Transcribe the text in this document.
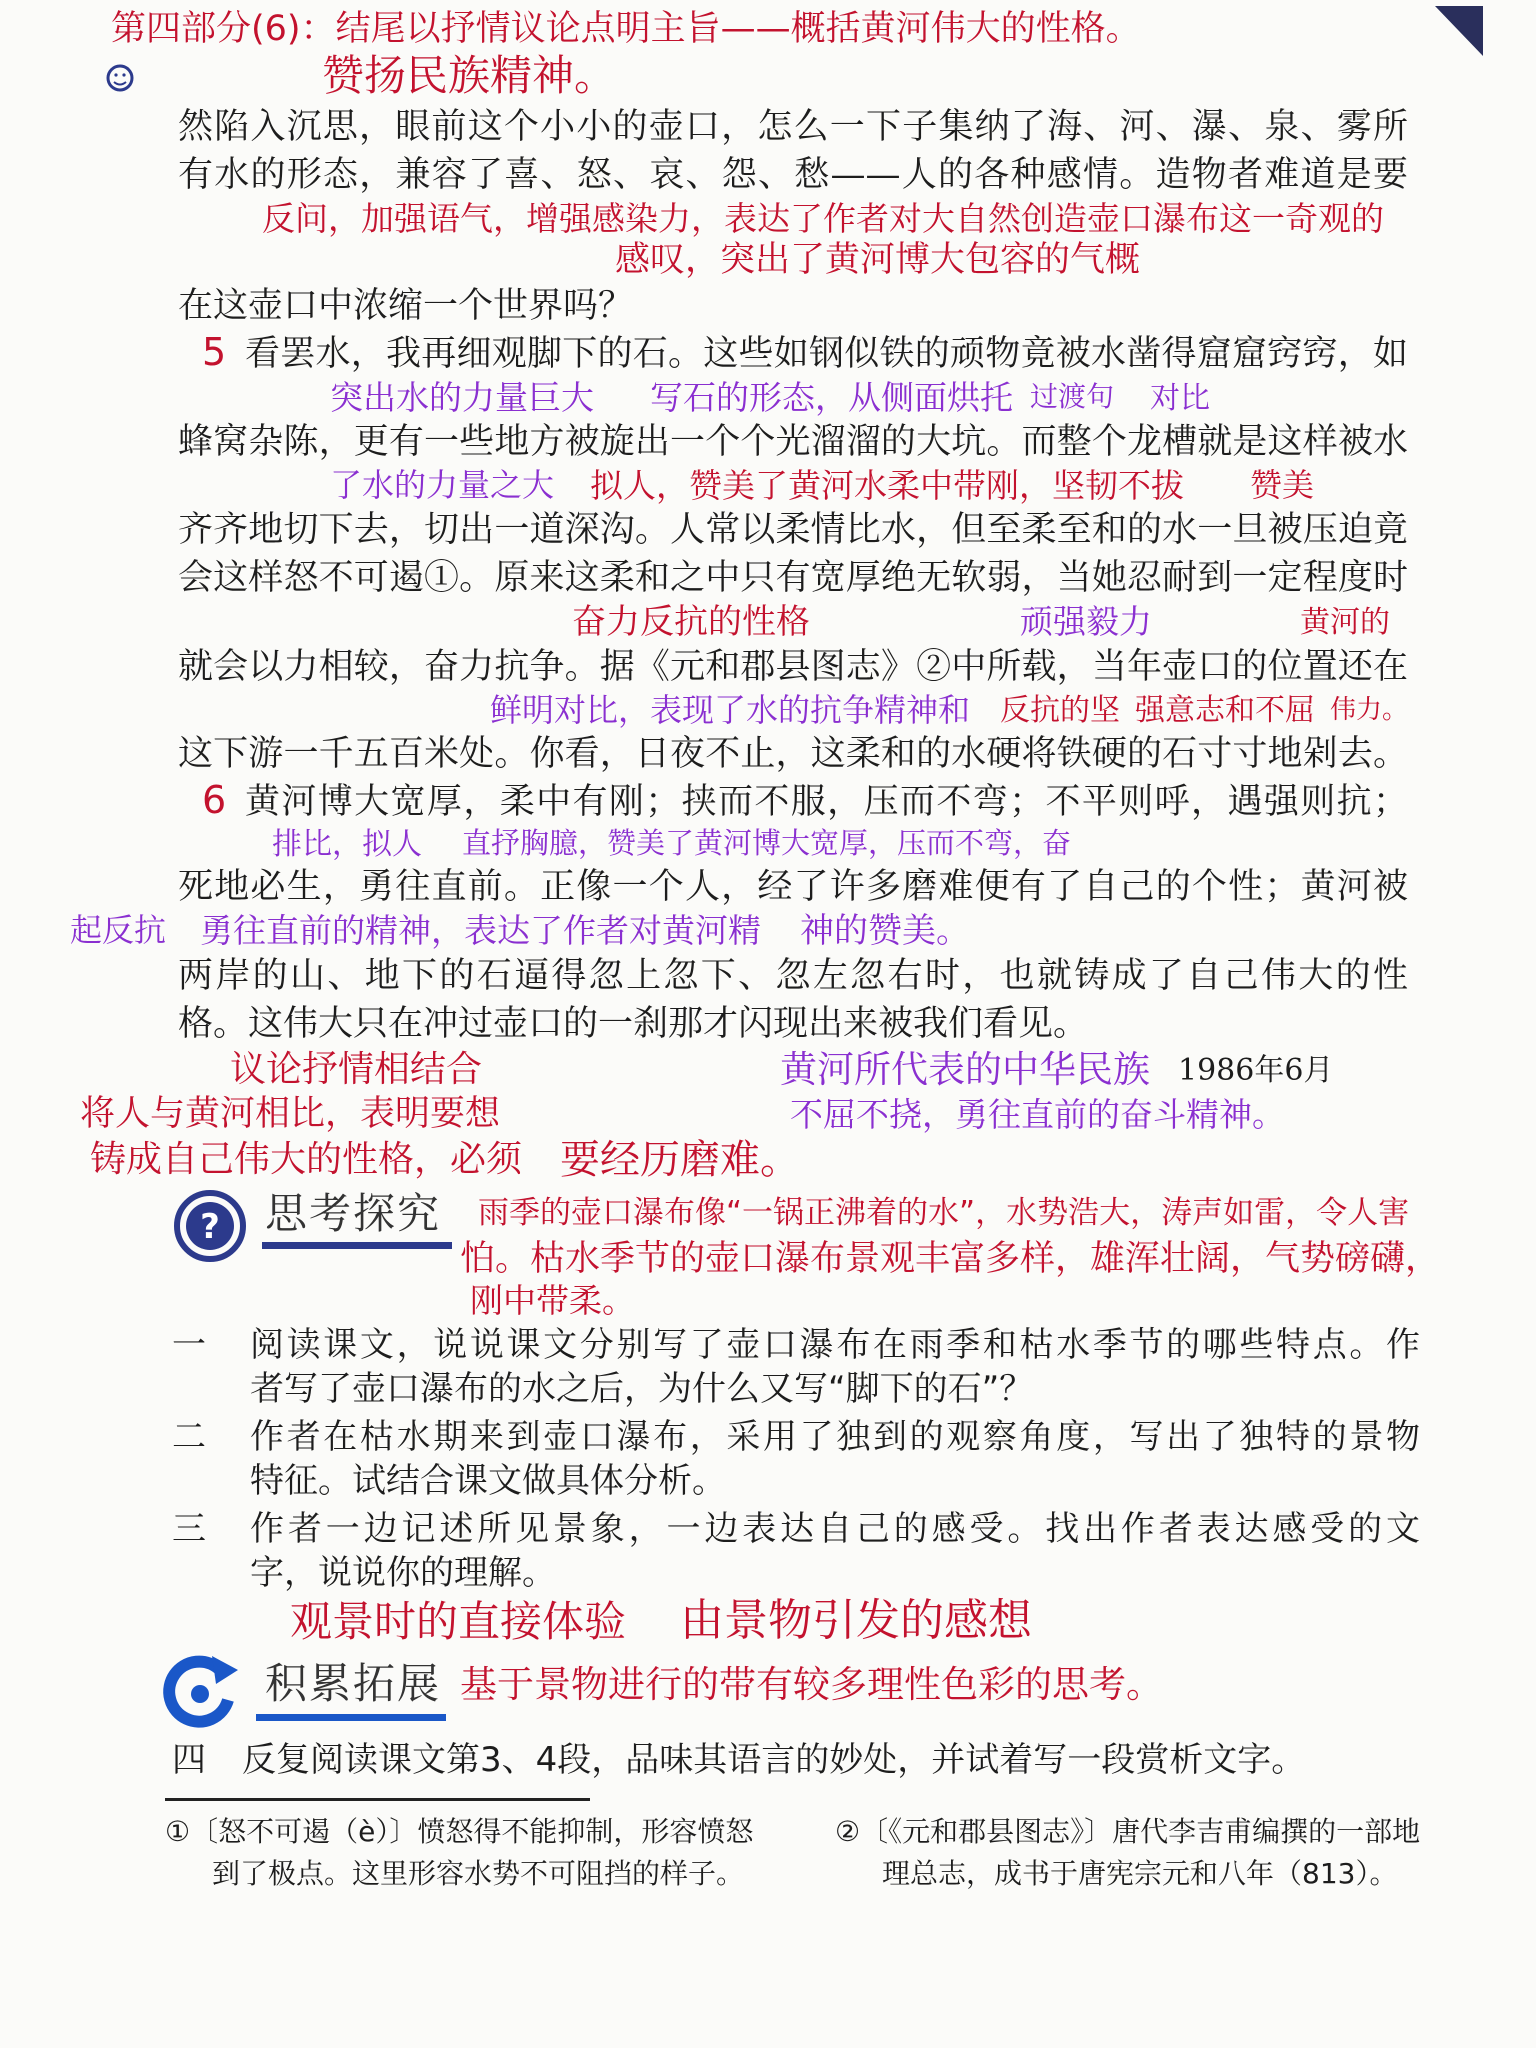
第四部分(6)：结尾以抒情议论点明主旨——概括黄河伟大的性格。
赞扬民族精神。
然陷入沉思，眼前这个小小的壶口，怎么一下子集纳了海、河、瀑、泉、雾所
有水的形态，兼容了喜、怒、哀、怨、愁——人的各种感情。造物者难道是要
反问，加强语气，增强感染力，表达了作者对大自然创造壶口瀑布这一奇观的
感叹，突出了黄河博大包容的气概
在这壶口中浓缩一个世界吗？
5 看罢水，我再细观脚下的石。这些如钢似铁的顽物竟被水凿得窟窟窍窍，如
突出水的力量巨大 写石的形态，从侧面烘托 过渡句 对比
蜂窝杂陈，更有一些地方被旋出一个个光溜溜的大坑。而整个龙槽就是这样被水
了水的力量之大 拟人，赞美了黄河水柔中带刚，坚韧不拔 赞美
齐齐地切下去，切出一道深沟。人常以柔情比水，但至柔至和的水一旦被压迫竟
会这样怒不可遏①。原来这柔和之中只有宽厚绝无软弱，当她忍耐到一定程度时
奋力反抗的性格	顽强毅力	黄河的
就会以力相较，奋力抗争。据《元和郡县图志》②中所载，当年壶口的位置还在
鲜明对比，表现了水的抗争精神和 反抗的坚 强意志和不屈 伟力。
这下游一千五百米处。你看，日夜不止，这柔和的水硬将铁硬的石寸寸地剁去。
6 黄河博大宽厚，柔中有刚；挟而不服，压而不弯；不平则呼，遇强则抗；
排比，拟人 直抒胸臆，赞美了黄河博大宽厚，压而不弯，奋
死地必生，勇往直前。正像一个人，经了许多磨难便有了自己的个性；黄河被
起反抗 勇往直前的精神，表达了作者对黄河精 神的赞美。
两岸的山、地下的石逼得忽上忽下、忽左忽右时，也就铸成了自己伟大的性
格。这伟大只在冲过壶口的一刹那才闪现出来被我们看见。
议论抒情相结合	黄河所代表的中华民族 1986年6月
将人与黄河相比，表明要想	不屈不挠，勇往直前的奋斗精神。
铸成自己伟大的性格，必须 要经历磨难。
? 思考探究 雨季的壶口瀑布像“一锅正沸着的水”，水势浩大，涛声如雷，令人害
怕。枯水季节的壶口瀑布景观丰富多样，雄浑壮阔，气势磅礴，
刚中带柔。
一 阅读课文，说说课文分别写了壶口瀑布在雨季和枯水季节的哪些特点。作
者写了壶口瀑布的水之后，为什么又写“脚下的石”？
二 作者在枯水期来到壶口瀑布，采用了独到的观察角度，写出了独特的景物
特征。试结合课文做具体分析。
三 作者一边记述所见景象，一边表达自己的感受。找出作者表达感受的文
字，说说你的理解。
观景时的直接体验 由景物引发的感想
积累拓展 基于景物进行的带有较多理性色彩的思考。
四 反复阅读课文第3、4段，品味其语言的妙处，并试着写一段赏析文字。
①〔怒不可遏（è）〕愤怒得不能抑制，形容愤怒
到了极点。这里形容水势不可阻挡的样子。
②〔《元和郡县图志》〕唐代李吉甫编撰的一部地
理总志，成书于唐宪宗元和八年（813）。
